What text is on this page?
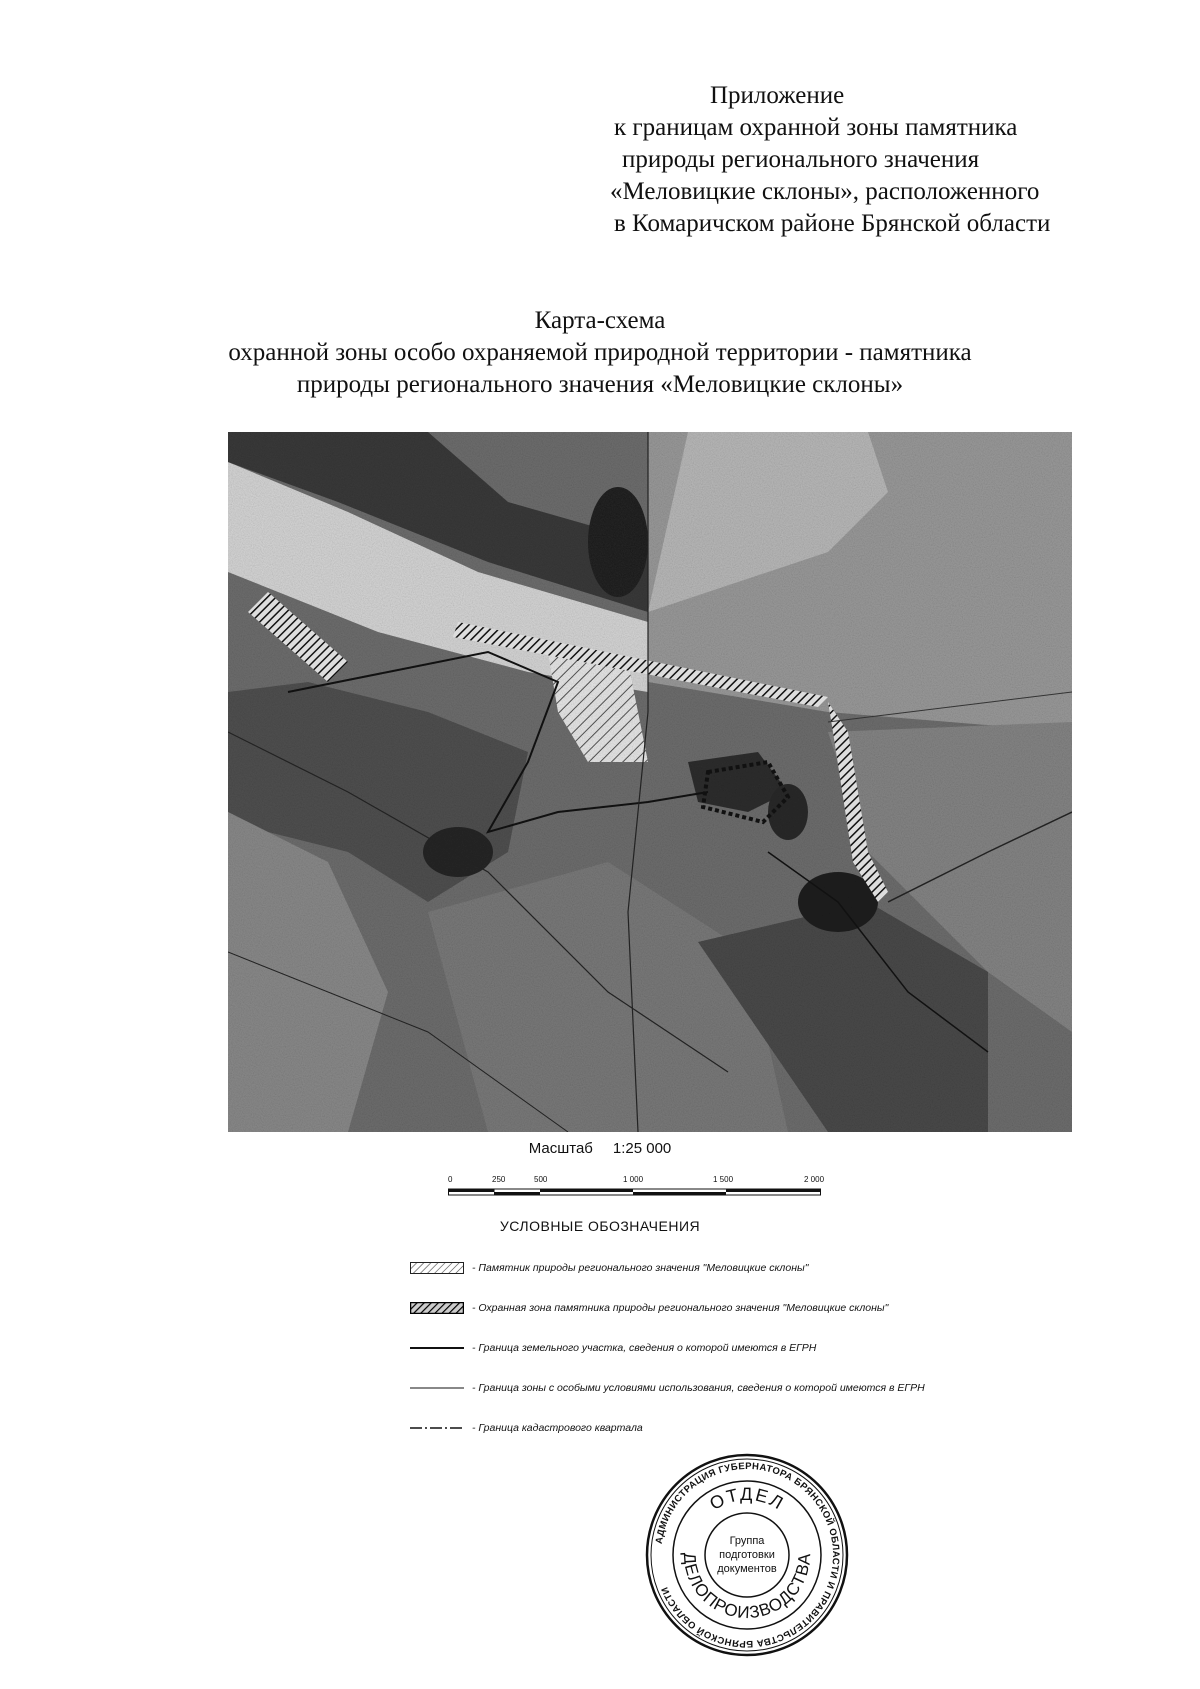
Приложение
к границам охранной зоны памятника
природы регионального значения
«Меловицкие склоны», расположенного
в Комаричском районе Брянской области
Карта-схема
охранной зоны особо охраняемой природной территории - памятника
природы регионального значения «Меловицкие склоны»
Масштаб 1:25 000
0	250	500	1 000	1 500	2 000
УСЛОВНЫЕ ОБОЗНАЧЕНИЯ
- Памятник природы регионального значения "Меловицкие склоны"
- Охранная зона памятника природы регионального значения "Меловицкие склоны"
- Граница земельного участка, сведения о которой имеются в ЕГРН
- Граница зоны с особыми условиями использования, сведения о которой имеются в ЕГРН
- Граница кадастрового квартала
АДМИНИСТРАЦИЯ ГУБЕРНАТОРА БРЯНСКОЙ ОБЛАСТИ И ПРАВИТЕЛЬСТВА БРЯНСКОЙ ОБЛАСТИ
ОТДЕЛ
ДЕЛОПРОИЗВОДСТВА
Группа
подготовки
документов
